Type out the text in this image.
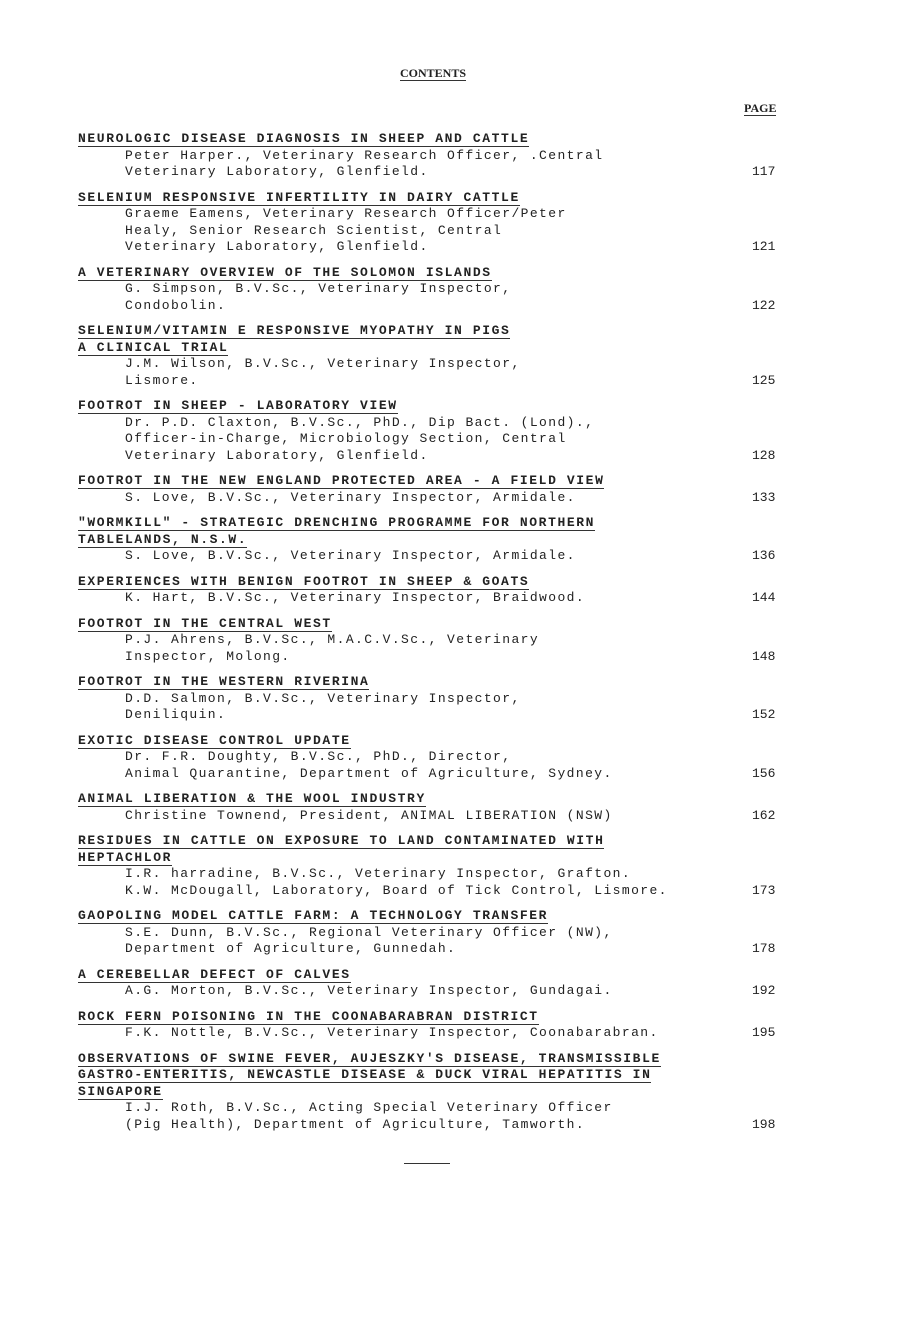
CONTENTS
PAGE
NEUROLOGIC DISEASE DIAGNOSIS IN SHEEP AND CATTLE
Peter Harper., Veterinary Research Officer, .Central
Veterinary Laboratory, Glenfield.	117
SELENIUM RESPONSIVE INFERTILITY IN DAIRY CATTLE
Graeme Eamens, Veterinary Research Officer/Peter
Healy, Senior Research Scientist, Central
Veterinary Laboratory, Glenfield.	121
A VETERINARY OVERVIEW OF THE SOLOMON ISLANDS
G. Simpson, B.V.Sc., Veterinary Inspector,
Condobolin.	122
SELENIUM/VITAMIN E RESPONSIVE MYOPATHY IN PIGS
A CLINICAL TRIAL
J.M. Wilson, B.V.Sc., Veterinary Inspector,
Lismore.	125
FOOTROT IN SHEEP - LABORATORY VIEW
Dr. P.D. Claxton, B.V.Sc., PhD., Dip Bact. (Lond).,
Officer-in-Charge, Microbiology Section, Central
Veterinary Laboratory, Glenfield.	128
FOOTROT IN THE NEW ENGLAND PROTECTED AREA - A FIELD VIEW
S. Love, B.V.Sc., Veterinary Inspector, Armidale.	133
"WORMKILL" - STRATEGIC DRENCHING PROGRAMME FOR NORTHERN
TABLELANDS, N.S.W.
S. Love, B.V.Sc., Veterinary Inspector, Armidale.	136
EXPERIENCES WITH BENIGN FOOTROT IN SHEEP & GOATS
K. Hart, B.V.Sc., Veterinary Inspector, Braidwood.	144
FOOTROT IN THE CENTRAL WEST
P.J. Ahrens, B.V.Sc., M.A.C.V.Sc., Veterinary
Inspector, Molong.	148
FOOTROT IN THE WESTERN RIVERINA
D.D. Salmon, B.V.Sc., Veterinary Inspector,
Deniliquin.	152
EXOTIC DISEASE CONTROL UPDATE
Dr. F.R. Doughty, B.V.Sc., PhD., Director,
Animal Quarantine, Department of Agriculture, Sydney.	156
ANIMAL LIBERATION & THE WOOL INDUSTRY
Christine Townend, President, ANIMAL LIBERATION (NSW)	162
RESIDUES IN CATTLE ON EXPOSURE TO LAND CONTAMINATED WITH
HEPTACHLOR
I.R. harradine, B.V.Sc., Veterinary Inspector, Grafton.
K.W. McDougall, Laboratory, Board of Tick Control, Lismore.	173
GAOPOLING MODEL CATTLE FARM: A TECHNOLOGY TRANSFER
S.E. Dunn, B.V.Sc., Regional Veterinary Officer (NW),
Department of Agriculture, Gunnedah.	178
A CEREBELLAR DEFECT OF CALVES
A.G. Morton, B.V.Sc., Veterinary Inspector, Gundagai.	192
ROCK FERN POISONING IN THE COONABARABRAN DISTRICT
F.K. Nottle, B.V.Sc., Veterinary Inspector, Coonabarabran.	195
OBSERVATIONS OF SWINE FEVER, AUJESZKY'S DISEASE, TRANSMISSIBLE
GASTRO-ENTERITIS, NEWCASTLE DISEASE & DUCK VIRAL HEPATITIS IN
SINGAPORE
I.J. Roth, B.V.Sc., Acting Special Veterinary Officer
(Pig Health), Department of Agriculture, Tamworth.	198
